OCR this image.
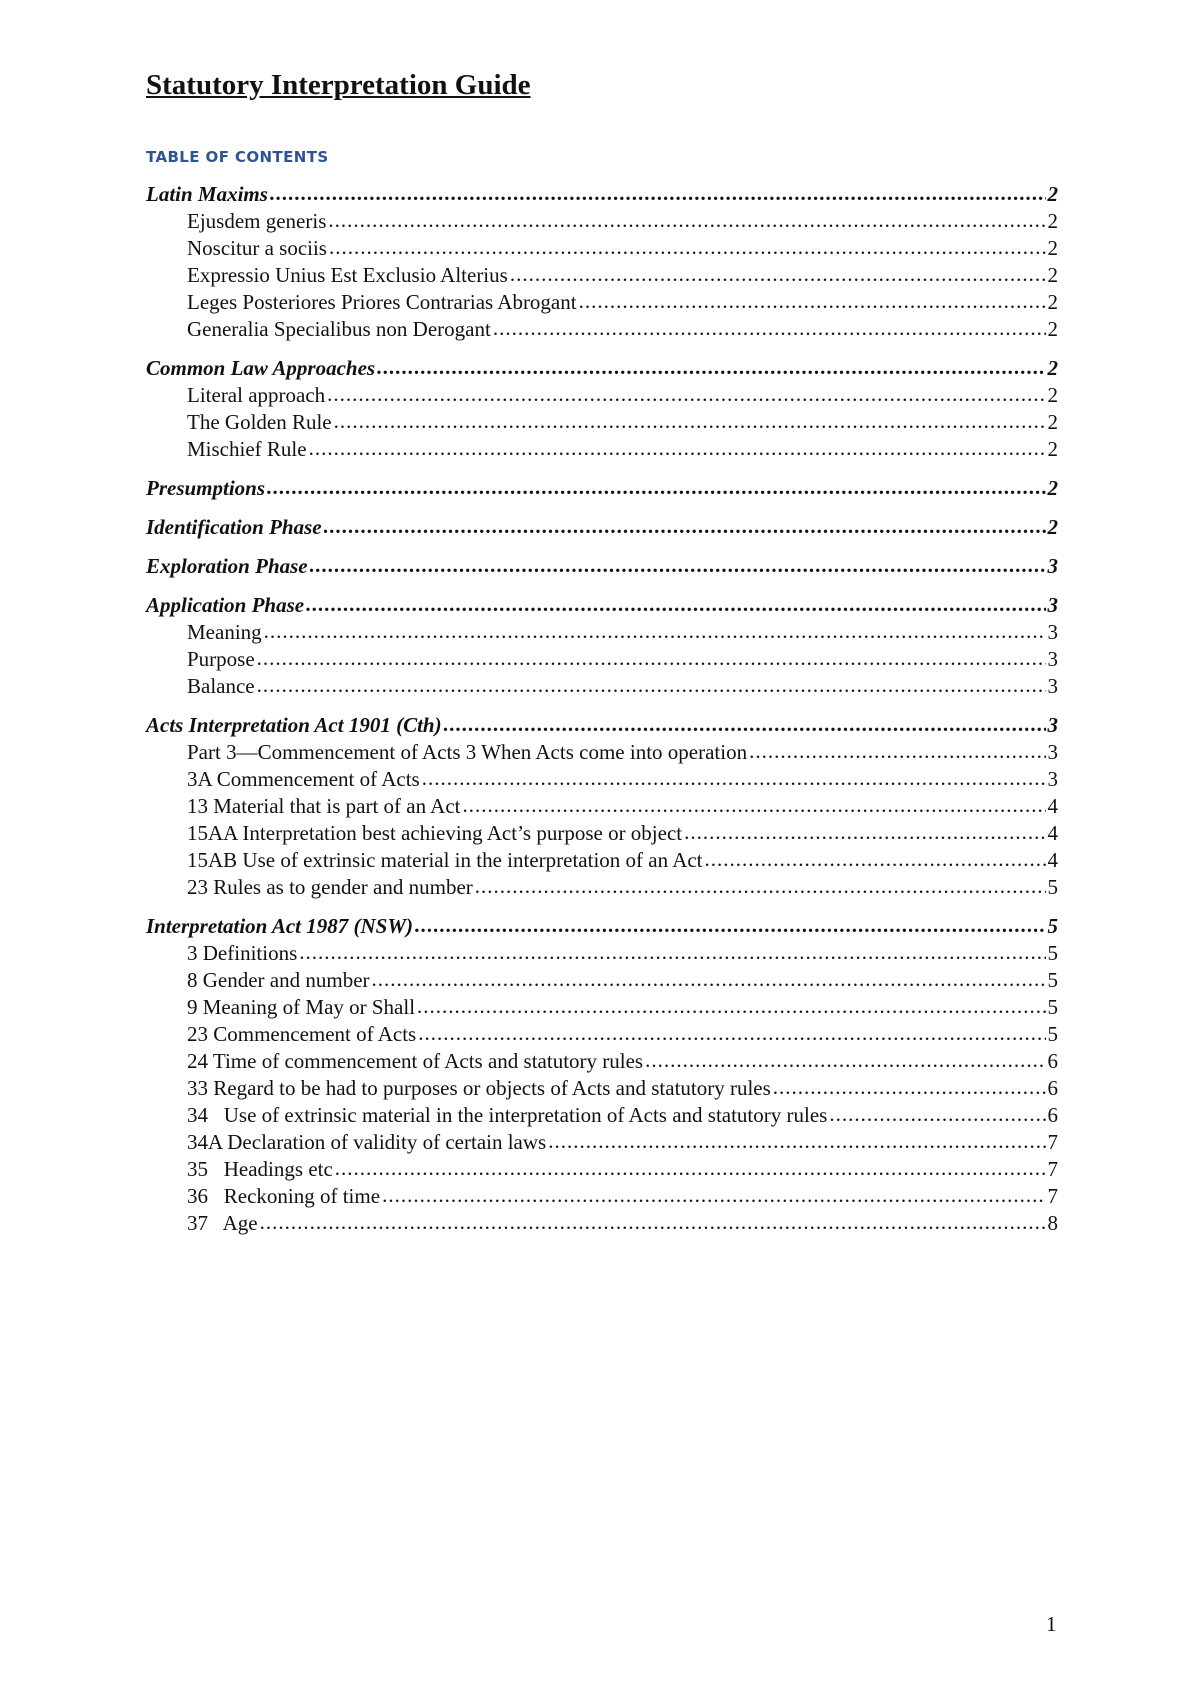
Statutory Interpretation Guide
TABLE OF CONTENTS
Latin Maxims .....	2
Ejusdem generis .....	2
Noscitur a sociis .....	2
Expressio Unius Est Exclusio Alterius .....	2
Leges Posteriores Priores Contrarias Abrogant .....	2
Generalia Specialibus non Derogant .....	2
Common Law Approaches .....	2
Literal approach .....	2
The Golden Rule .....	2
Mischief Rule .....	2
Presumptions .....	2
Identification Phase .....	2
Exploration Phase .....	3
Application Phase .....	3
Meaning .....	3
Purpose .....	3
Balance .....	3
Acts Interpretation Act 1901 (Cth) .....	3
Part 3—Commencement of Acts 3 When Acts come into operation .....	3
3A Commencement of Acts .....	3
13 Material that is part of an Act .....	4
15AA Interpretation best achieving Act’s purpose or object .....	4
15AB Use of extrinsic material in the interpretation of an Act .....	4
23 Rules as to gender and number .....	5
Interpretation Act 1987 (NSW) .....	5
3 Definitions .....	5
8 Gender and number .....	5
9 Meaning of May or Shall .....	5
23 Commencement of Acts .....	5
24 Time of commencement of Acts and statutory rules .....	6
33 Regard to be had to purposes or objects of Acts and statutory rules .....	6
34   Use of extrinsic material in the interpretation of Acts and statutory rules .....	6
34A Declaration of validity of certain laws .....	7
35   Headings etc .....	7
36   Reckoning of time .....	7
37   Age .....	8
1
